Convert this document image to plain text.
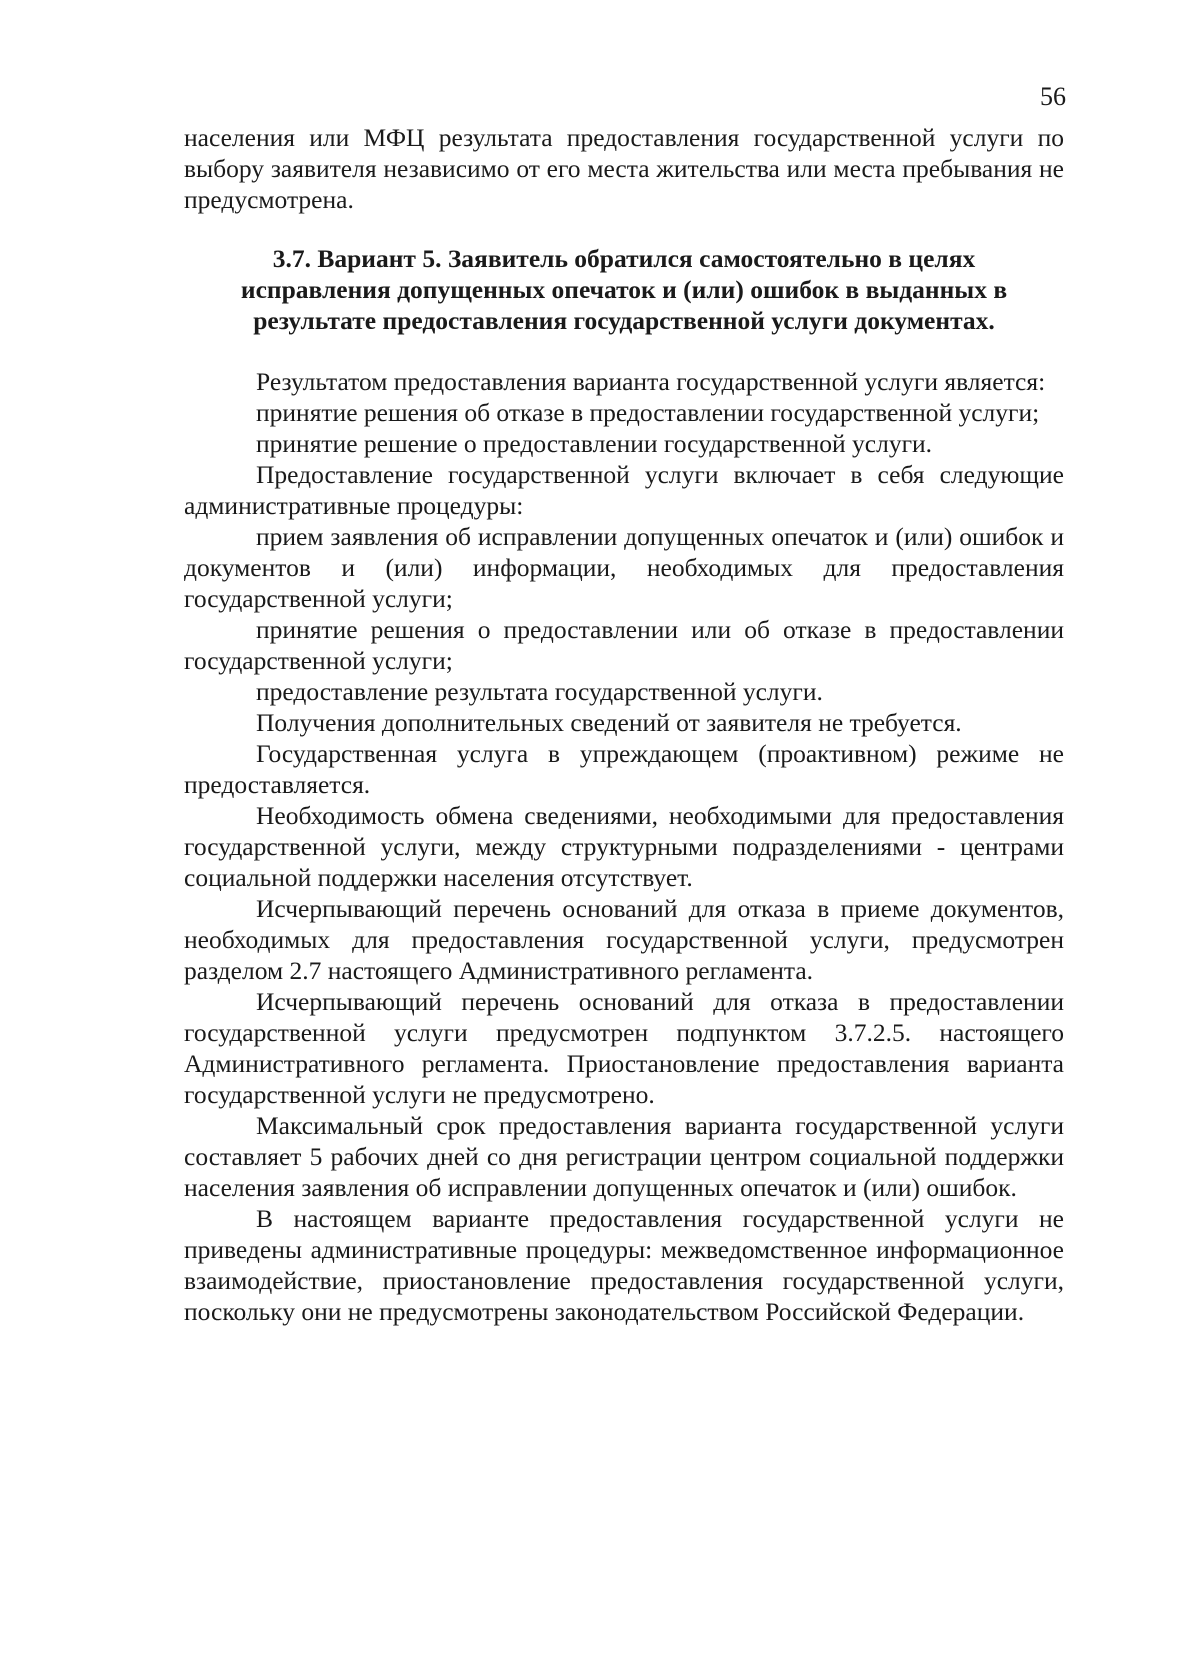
56

населения или МФЦ результата предоставления государственной услуги по выбору заявителя независимо от его места жительства или места пребывания не предусмотрена.

3.7. Вариант 5. Заявитель обратился самостоятельно в целях
исправления допущенных опечаток и (или) ошибок в выданных в
результате предоставления государственной услуги документах.

Результатом предоставления варианта государственной услуги является:

принятие решения об отказе в предоставлении государственной услуги;

принятие решение о предоставлении государственной услуги.

Предоставление государственной услуги включает в себя следующие административные процедуры:

прием заявления об исправлении допущенных опечаток и (или) ошибок и документов и (или) информации, необходимых для предоставления государственной услуги;

принятие решения о предоставлении или об отказе в предоставлении государственной услуги;

предоставление результата государственной услуги.

Получения дополнительных сведений от заявителя не требуется.

Государственная услуга в упреждающем (проактивном) режиме не предоставляется.

Необходимость обмена сведениями, необходимыми для предоставления государственной услуги, между структурными подразделениями - центрами социальной поддержки населения отсутствует.

Исчерпывающий перечень оснований для отказа в приеме документов, необходимых для предоставления государственной услуги, предусмотрен разделом 2.7 настоящего Административного регламента.

Исчерпывающий перечень оснований для отказа в предоставлении государственной услуги предусмотрен подпунктом 3.7.2.5. настоящего Административного регламента. Приостановление предоставления варианта государственной услуги не предусмотрено.

Максимальный срок предоставления варианта государственной услуги составляет 5 рабочих дней со дня регистрации центром социальной поддержки населения заявления об исправлении допущенных опечаток и (или) ошибок.

В настоящем варианте предоставления государственной услуги не приведены административные процедуры: межведомственное информационное взаимодействие, приостановление предоставления государственной услуги, поскольку они не предусмотрены законодательством Российской Федерации.
